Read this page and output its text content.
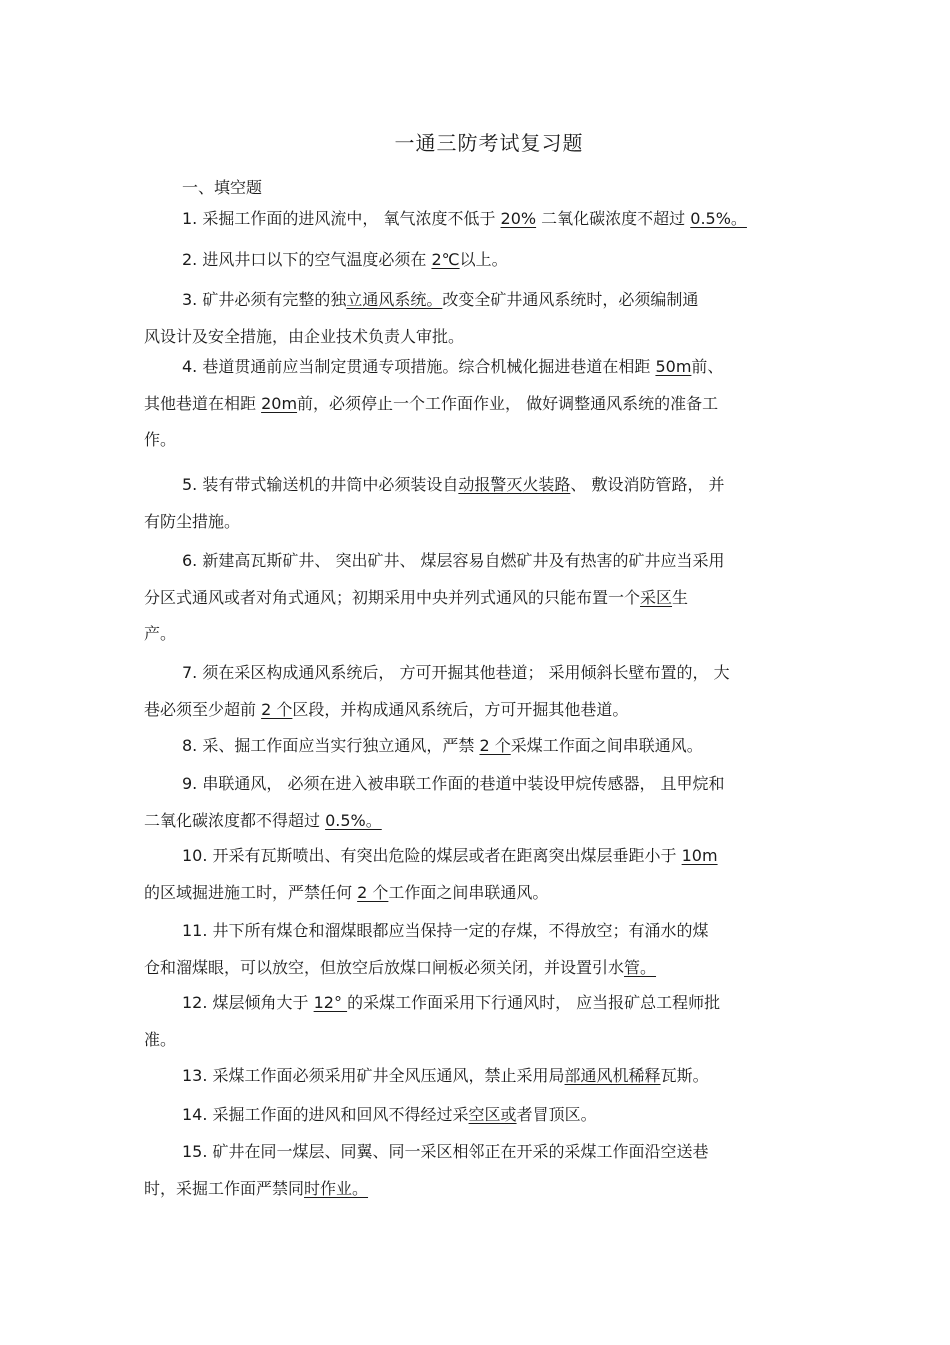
一通三防考试复习题
一、填空题
1. 采掘工作面的进风流中， 氧气浓度不低于 20% 二氧化碳浓度不超过 0.5%。
2. 进风井口以下的空气温度必须在 2℃以上。
3. 矿井必须有完整的独立通风系统。改变全矿井通风系统时，必须编制通
风设计及安全措施，由企业技术负责人审批。
4. 巷道贯通前应当制定贯通专项措施。综合机械化掘进巷道在相距 50m前、
其他巷道在相距 20m前，必须停止一个工作面作业， 做好调整通风系统的准备工
作。
5. 装有带式输送机的井筒中必须装设自动报警灭火装路、 敷设消防管路， 并
有防尘措施。
6. 新建高瓦斯矿井、 突出矿井、 煤层容易自燃矿井及有热害的矿井应当采用
分区式通风或者对角式通风；初期采用中央并列式通风的只能布置一个采区生
产。
7. 须在采区构成通风系统后， 方可开掘其他巷道； 采用倾斜长壁布置的， 大
巷必须至少超前 2 个区段，并构成通风系统后，方可开掘其他巷道。
8. 采、掘工作面应当实行独立通风，严禁 2 个采煤工作面之间串联通风。
9. 串联通风， 必须在进入被串联工作面的巷道中装设甲烷传感器， 且甲烷和
二氧化碳浓度都不得超过 0.5%。
10. 开采有瓦斯喷出、有突出危险的煤层或者在距离突出煤层垂距小于 10m
的区域掘进施工时，严禁任何 2 个工作面之间串联通风。
11. 井下所有煤仓和溜煤眼都应当保持一定的存煤，不得放空；有涌水的煤
仓和溜煤眼，可以放空，但放空后放煤口闸板必须关闭，并设置引水管。
12. 煤层倾角大于 12° 的采煤工作面采用下行通风时， 应当报矿总工程师批
准。
13. 采煤工作面必须采用矿井全风压通风，禁止采用局部通风机稀释瓦斯。
14. 采掘工作面的进风和回风不得经过采空区或者冒顶区。
15. 矿井在同一煤层、同翼、同一采区相邻正在开采的采煤工作面沿空送巷
时，采掘工作面严禁同时作业。
